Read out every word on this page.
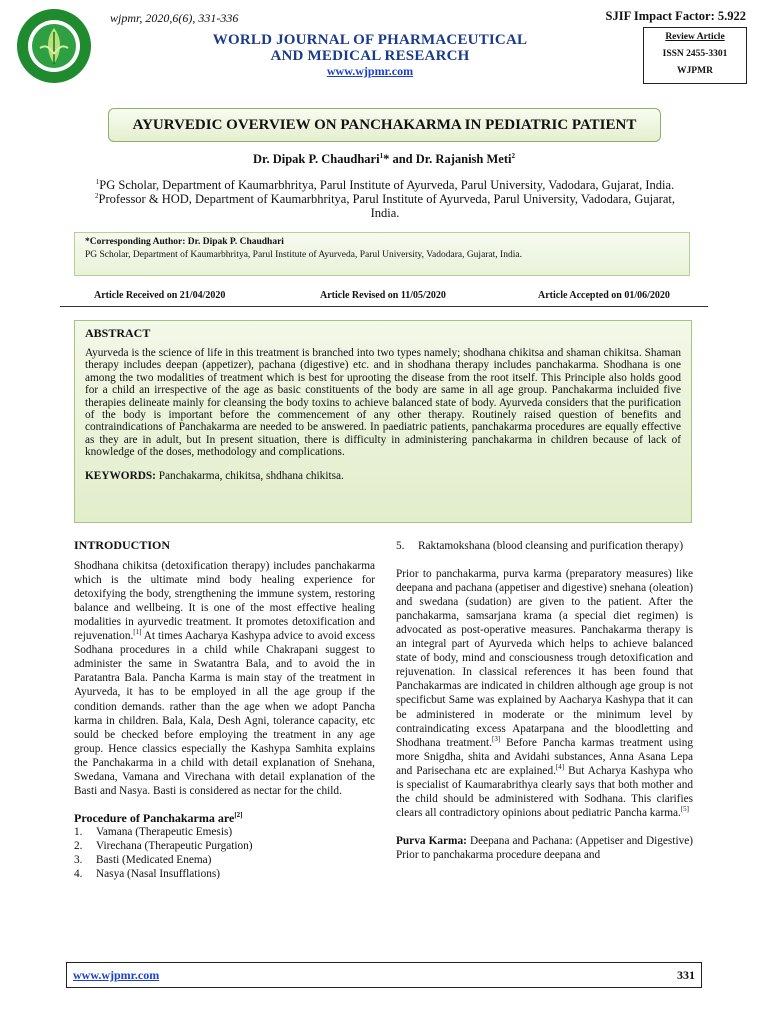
wjpmr, 2020,6(6), 331-336	SJIF Impact Factor: 5.922
WORLD JOURNAL OF PHARMACEUTICAL
AND MEDICAL RESEARCH
www.wjpmr.com
Review Article
ISSN 2455-3301
WJPMR
AYURVEDIC OVERVIEW ON PANCHAKARMA IN PEDIATRIC PATIENT
Dr. Dipak P. Chaudhari$^1$* and Dr. Rajanish Meti$^2$
$^1$PG Scholar, Department of Kaumarbhritya, Parul Institute of Ayurveda, Parul University, Vadodara, Gujarat, India.
$^2$Professor & HOD, Department of Kaumarbhritya, Parul Institute of Ayurveda, Parul University, Vadodara, Gujarat,
India.
*Corresponding Author: Dr. Dipak P. Chaudhari
PG Scholar, Department of Kaumarbhritya, Parul Institute of Ayurveda, Parul University, Vadodara, Gujarat, India.
Article Received on 21/04/2020	Article Revised on 11/05/2020	Article Accepted on 01/06/2020
ABSTRACT
Ayurveda is the science of life in this treatment is branched into two types namely; shodhana chikitsa and shaman chikitsa. Shaman therapy includes deepan (appetizer), pachana (digestive) etc. and in shodhana therapy includes panchakarma. Shodhana is one among the two modalities of treatment which is best for uprooting the disease from the root itself. This Principle also holds good for a child an irrespective of the age as basic constituents of the body are same in all age group. Panchakarma incluided five therapies delineate mainly for cleansing the body toxins to achieve balanced state of body. Ayurveda considers that the purification of the body is important before the commencement of any other therapy. Routinely raised question of benefits and contraindications of Panchakarma are needed to be answered. In paediatric patients, panchakarma procedures are equally effective as they are in adult, but In present situation, there is difficulty in administering panchakarma in children because of lack of knowledge of the doses, methodology and complications.
KEYWORDS: Panchakarma, chikitsa, shdhana chikitsa.
INTRODUCTION
Shodhana chikitsa (detoxification therapy) includes panchakarma which is the ultimate mind body healing experience for detoxifying the body, strengthening the immune system, restoring balance and wellbeing. It is one of the most effective healing modalities in ayurvedic treatment. It promotes detoxification and rejuvenation.[1] At times Aacharya Kashypa advice to avoid excess Sodhana procedures in a child while Chakrapani suggest to administer the same in Swatantra Bala, and to avoid the in Paratantra Bala. Pancha Karma is main stay of the treatment in Ayurveda, it has to be employed in all the age group if the condition demands. rather than the age when we adopt Pancha karma in children. Bala, Kala, Desh Agni, tolerance capacity, etc sould be checked before employing the treatment in any age group. Hence classics especially the Kashypa Samhita explains the Panchakarma in a child with detail explanation of Snehana, Swedana, Vamana and Virechana with detail explanation of the Basti and Nasya. Basti is considered as nectar for the child.
Procedure of Panchakarma are[2]
1.	Vamana (Therapeutic Emesis)
2.	Virechana (Therapeutic Purgation)
3.	Basti (Medicated Enema)
4.	Nasya (Nasal Insufflations)
5.	Raktamokshana (blood cleansing and purification therapy)
Prior to panchakarma, purva karma (preparatory measures) like deepana and pachana (appetiser and digestive) snehana (oleation) and swedana (sudation) are given to the patient. After the panchakarma, samsarjana krama (a special diet regimen) is advocated as post-operative measures. Panchakarma therapy is an integral part of Ayurveda which helps to achieve balanced state of body, mind and consciousness trough detoxification and rejuvenation. In classical references it has been found that Panchakarmas are indicated in children although age group is not specificbut Same was explained by Aacharya Kashypa that it can be administered in moderate or the minimum level by contraindicating excess Apatarpana and the bloodletting and Shodhana treatment.[3] Before Pancha karmas treatment using more Snigdha, shita and Avidahi substances, Anna Asana Lepa and Parisechana etc are explained.[4] But Acharya Kashypa who is specialist of Kaumarabrithya clearly says that both mother and the child should be administered with Sodhana. This clarifies clears all contradictory opinions about pediatric Pancha karma.[5]
Purva Karma: Deepana and Pachana: (Appetiser and Digestive) Prior to panchakarma procedure deepana and
www.wjpmr.com	331
